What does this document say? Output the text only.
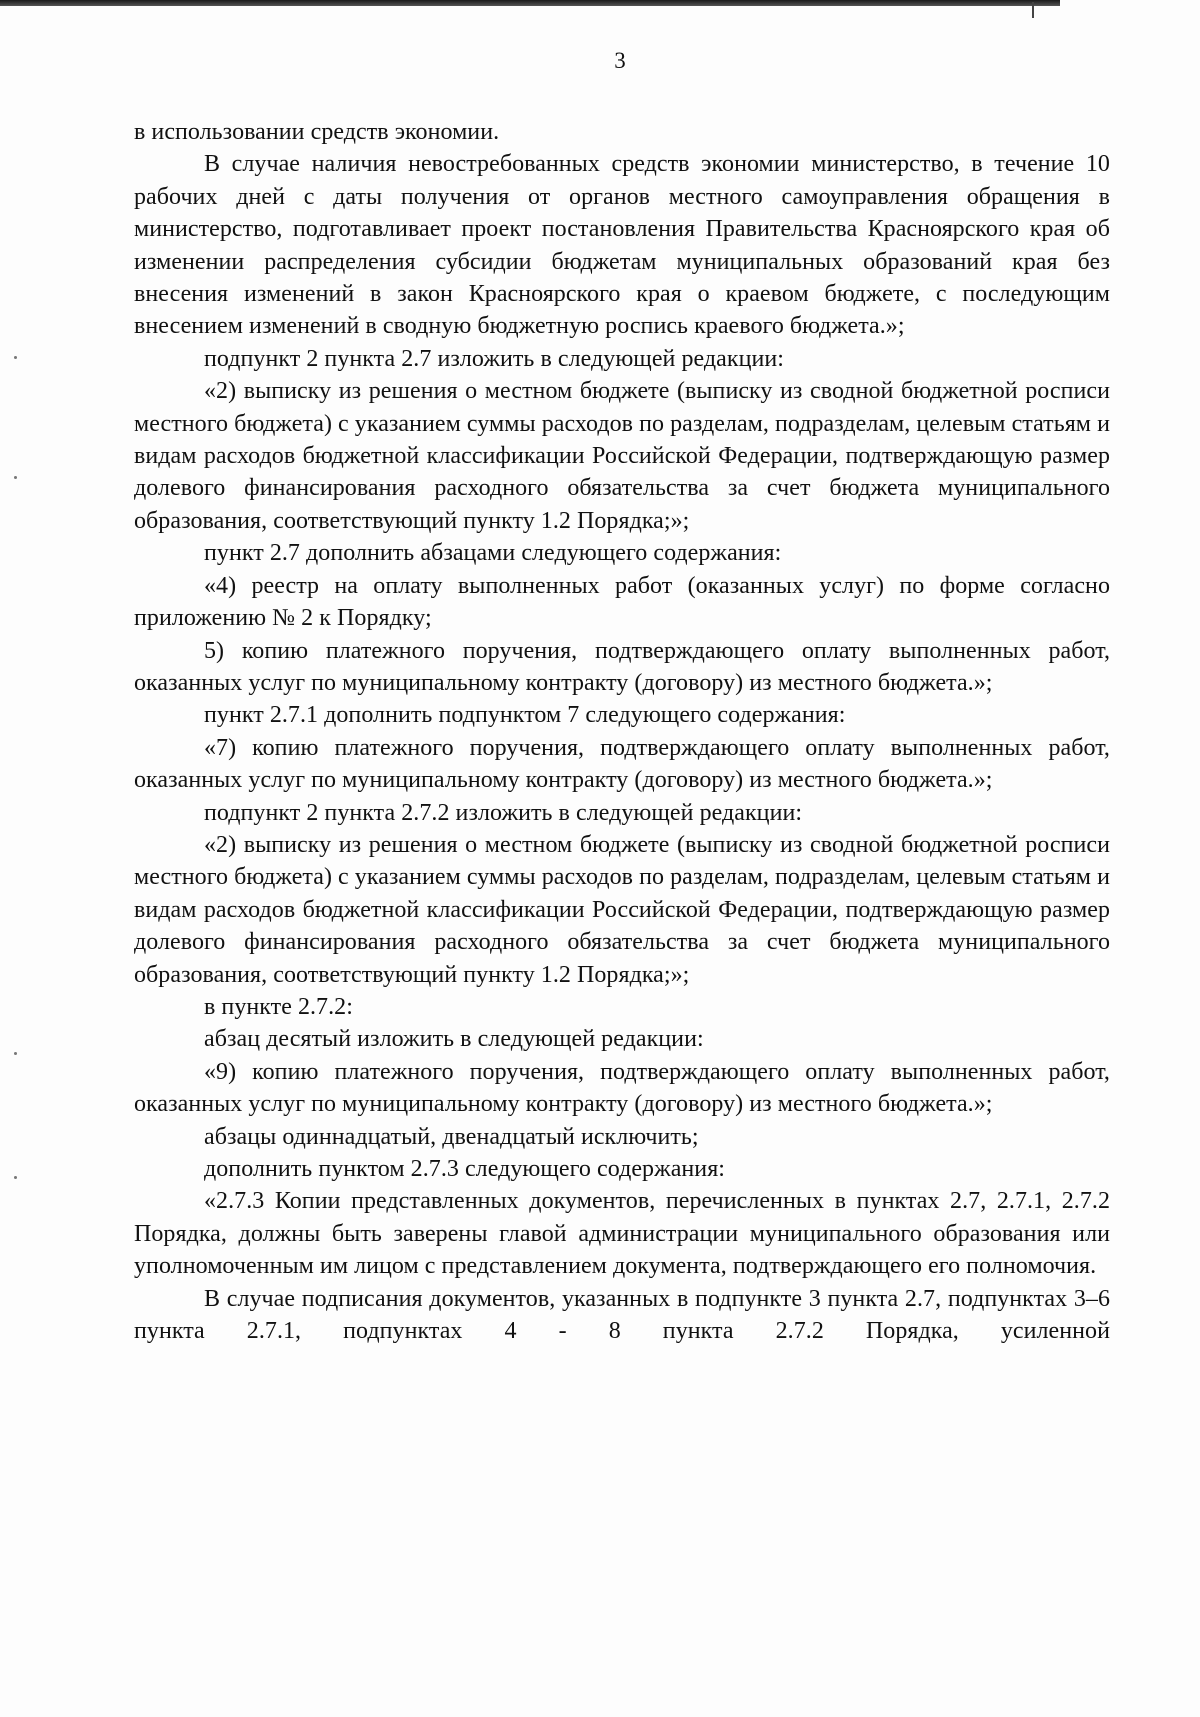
3

в использовании средств экономии.

В случае наличия невостребованных средств экономии министерство, в течение 10 рабочих дней с даты получения от органов местного самоуправления обращения в министерство, подготавливает проект постановления Правительства Красноярского края об изменении распределения субсидии бюджетам муниципальных образований края без внесения изменений в закон Красноярского края о краевом бюджете, с последующим внесением изменений в сводную бюджетную роспись краевого бюджета.»;

подпункт 2 пункта 2.7 изложить в следующей редакции:

«2) выписку из решения о местном бюджете (выписку из сводной бюджетной росписи местного бюджета) с указанием суммы расходов по разделам, подразделам, целевым статьям и видам расходов бюджетной классификации Российской Федерации, подтверждающую размер долевого финансирования расходного обязательства за счет бюджета муниципального образования, соответствующий пункту 1.2 Порядка;»;

пункт 2.7 дополнить абзацами следующего содержания:

«4) реестр на оплату выполненных работ (оказанных услуг) по форме согласно приложению № 2 к Порядку;

5) копию платежного поручения, подтверждающего оплату выполненных работ, оказанных услуг по муниципальному контракту (договору) из местного бюджета.»;

пункт 2.7.1 дополнить подпунктом 7 следующего содержания:

«7) копию платежного поручения, подтверждающего оплату выполненных работ, оказанных услуг по муниципальному контракту (договору) из местного бюджета.»;

подпункт 2 пункта 2.7.2 изложить в следующей редакции:

«2) выписку из решения о местном бюджете (выписку из сводной бюджетной росписи местного бюджета) с указанием суммы расходов по разделам, подразделам, целевым статьям и видам расходов бюджетной классификации Российской Федерации, подтверждающую размер долевого финансирования расходного обязательства за счет бюджета муниципального образования, соответствующий пункту 1.2 Порядка;»;

в пункте 2.7.2:

абзац десятый изложить в следующей редакции:

«9) копию платежного поручения, подтверждающего оплату выполненных работ, оказанных услуг по муниципальному контракту (договору) из местного бюджета.»;

абзацы одиннадцатый, двенадцатый исключить;

дополнить пунктом 2.7.3 следующего содержания:

«2.7.3 Копии представленных документов, перечисленных в пунктах 2.7, 2.7.1, 2.7.2 Порядка, должны быть заверены главой администрации муниципального образования или уполномоченным им лицом с представлением документа, подтверждающего его полномочия.

В случае подписания документов, указанных в подпункте 3 пункта 2.7, подпунктах 3–6 пункта 2.7.1, подпунктах 4 - 8 пункта 2.7.2 Порядка, усиленной
